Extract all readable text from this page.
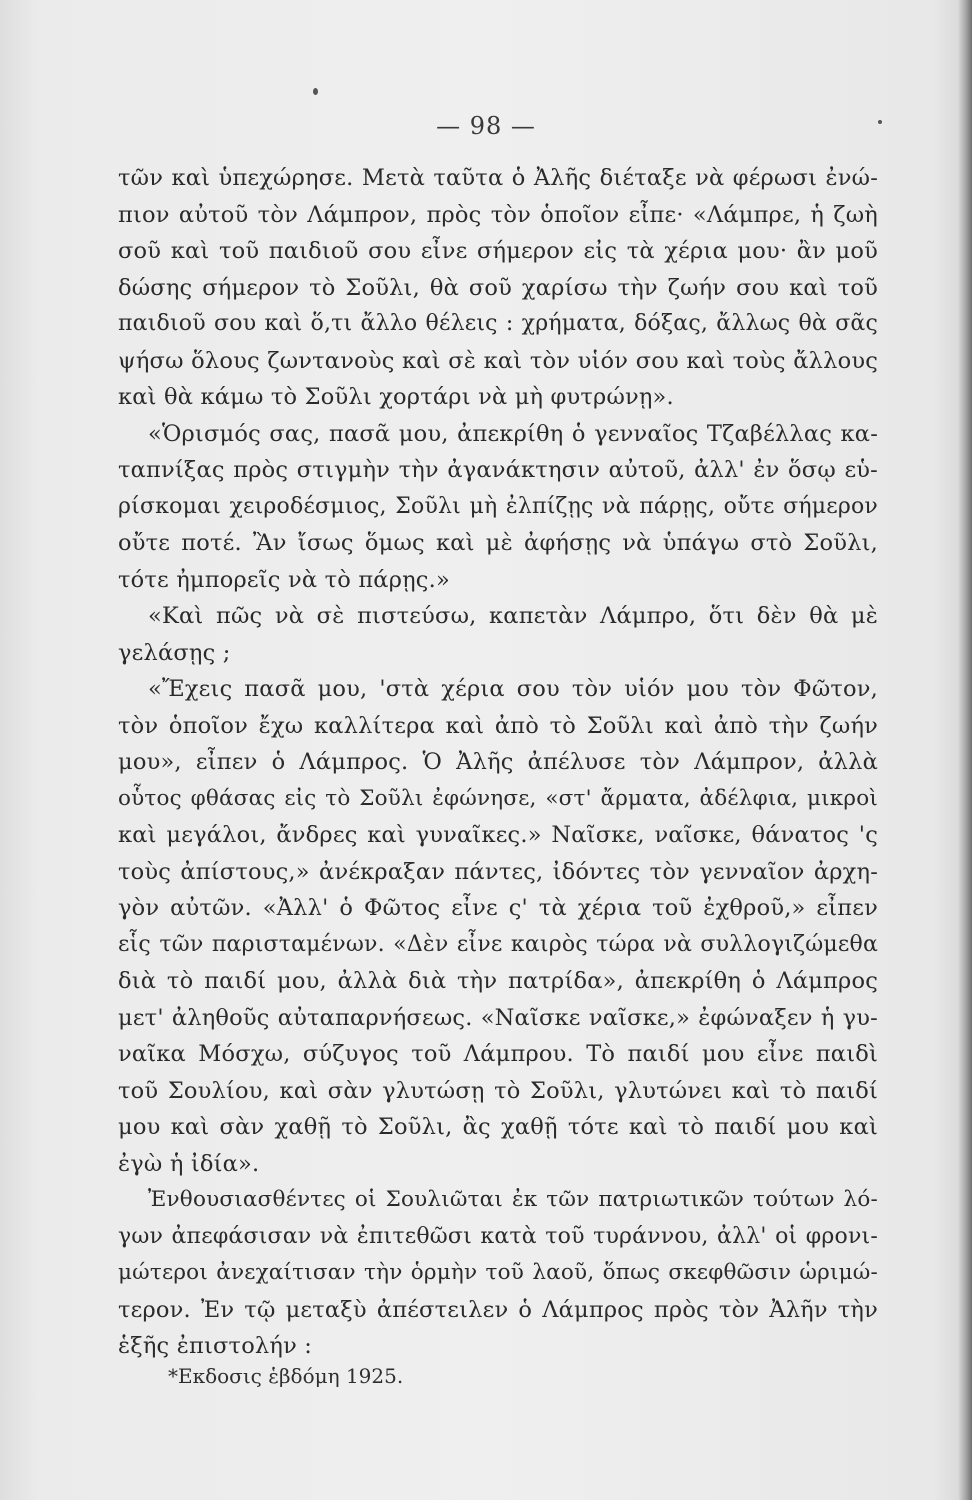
— 98 —
τῶν καὶ ὑπεχώρησε. Μετὰ ταῦτα ὁ Ἀλῆς διέταξε νὰ φέρωσι ἐνώ-
πιον αὐτοῦ τὸν Λάμπρον, πρὸς τὸν ὁποῖον εἶπε· «Λάμπρε, ἡ ζωὴ
σοῦ καὶ τοῦ παιδιοῦ σου εἶνε σήμερον εἰς τὰ χέρια μου· ἂν μοῦ
δώσης σήμερον τὸ Σοῦλι, θὰ σοῦ χαρίσω τὴν ζωήν σου καὶ τοῦ
παιδιοῦ σου καὶ ὅ,τι ἄλλο θέλεις : χρήματα, δόξας, ἄλλως θὰ σᾶς
ψήσω ὅλους ζωντανοὺς καὶ σὲ καὶ τὸν υἱόν σου καὶ τοὺς ἄλλους
καὶ θὰ κάμω τὸ Σοῦλι χορτάρι νὰ μὴ φυτρώνῃ».
«Ὁρισμός σας, πασᾶ μου, ἀπεκρίθη ὁ γενναῖος Τζαβέλλας κα-
ταπνίξας πρὸς στιγμὴν τὴν ἀγανάκτησιν αὐτοῦ, ἀλλ' ἐν ὅσῳ εὑ-
ρίσκομαι χειροδέσμιος, Σοῦλι μὴ ἐλπίζῃς νὰ πάρῃς, οὔτε σήμερον
οὔτε ποτέ. Ἂν ἴσως ὅμως καὶ μὲ ἀφήσῃς νὰ ὑπάγω στὸ Σοῦλι,
τότε ἠμπορεῖς νὰ τὸ πάρῃς.»
«Καὶ πῶς νὰ σὲ πιστεύσω, καπετὰν Λάμπρο, ὅτι δὲν θὰ μὲ
γελάσῃς ;
«Ἔχεις πασᾶ μου, 'στὰ χέρια σου τὸν υἱόν μου τὸν Φῶτον,
τὸν ὁποῖον ἔχω καλλίτερα καὶ ἀπὸ τὸ Σοῦλι καὶ ἀπὸ τὴν ζωήν
μου», εἶπεν ὁ Λάμπρος. Ὁ Ἀλῆς ἀπέλυσε τὸν Λάμπρον, ἀλλὰ
οὗτος φθάσας εἰς τὸ Σοῦλι ἐφώνησε, «στ' ἄρματα, ἀδέλφια, μικροὶ
καὶ μεγάλοι, ἄνδρες καὶ γυναῖκες.» Ναῖσκε, ναῖσκε, θάνατος 'ς
τοὺς ἀπίστους,» ἀνέκραξαν πάντες, ἰδόντες τὸν γενναῖον ἀρχη-
γὸν αὐτῶν. «Ἀλλ' ὁ Φῶτος εἶνε ς' τὰ χέρια τοῦ ἐχθροῦ,» εἶπεν
εἷς τῶν παρισταμένων. «Δὲν εἶνε καιρὸς τώρα νὰ συλλογιζώμεθα
διὰ τὸ παιδί μου, ἀλλὰ διὰ τὴν πατρίδα», ἀπεκρίθη ὁ Λάμπρος
μετ' ἀληθοῦς αὐταπαρνήσεως. «Ναῖσκε ναῖσκε,» ἐφώναξεν ἡ γυ-
ναῖκα Μόσχω, σύζυγος τοῦ Λάμπρου. Τὸ παιδί μου εἶνε παιδὶ
τοῦ Σουλίου, καὶ σὰν γλυτώσῃ τὸ Σοῦλι, γλυτώνει καὶ τὸ παιδί
μου καὶ σὰν χαθῇ τὸ Σοῦλι, ἂς χαθῇ τότε καὶ τὸ παιδί μου καὶ
ἐγὼ ἡ ἰδία».
Ἐνθουσιασθέντες οἱ Σουλιῶται ἐκ τῶν πατριωτικῶν τούτων λό-
γων ἀπεφάσισαν νὰ ἐπιτεθῶσι κατὰ τοῦ τυράννου, ἀλλ' οἱ φρονι-
μώτεροι ἀνεχαίτισαν τὴν ὁρμὴν τοῦ λαοῦ, ὅπως σκεφθῶσιν ὡριμώ-
τερον. Ἐν τῷ μεταξὺ ἀπέστειλεν ὁ Λάμπρος πρὸς τὸν Ἀλῆν τὴν
ἑξῆς ἐπιστολήν :
*Εκδοσις ἑβδόμη 1925.
